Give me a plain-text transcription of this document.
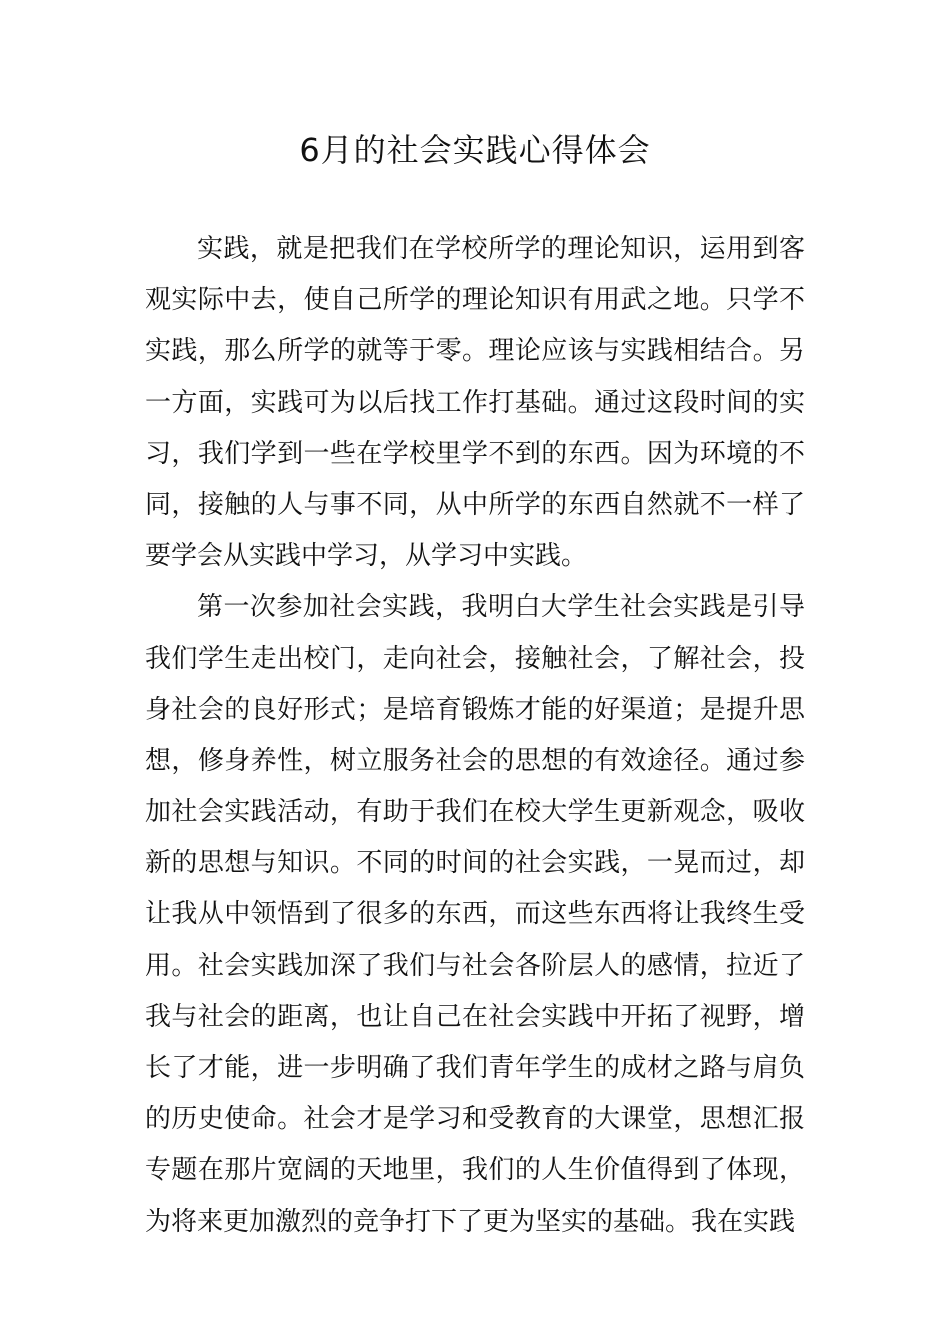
6月的社会实践心得体会
实践，就是把我们在学校所学的理论知识，运用到客
观实际中去，使自己所学的理论知识有用武之地。只学不
实践，那么所学的就等于零。理论应该与实践相结合。另
一方面，实践可为以后找工作打基础。通过这段时间的实
习，我们学到一些在学校里学不到的东西。因为环境的不
同，接触的人与事不同，从中所学的东西自然就不一样了
要学会从实践中学习，从学习中实践。
第一次参加社会实践，我明白大学生社会实践是引导
我们学生走出校门，走向社会，接触社会，了解社会，投
身社会的良好形式；是培育锻炼才能的好渠道；是提升思
想，修身养性，树立服务社会的思想的有效途径。通过参
加社会实践活动，有助于我们在校大学生更新观念，吸收
新的思想与知识。不同的时间的社会实践，一晃而过，却
让我从中领悟到了很多的东西，而这些东西将让我终生受
用。社会实践加深了我们与社会各阶层人的感情，拉近了
我与社会的距离，也让自己在社会实践中开拓了视野，增
长了才能，进一步明确了我们青年学生的成材之路与肩负
的历史使命。社会才是学习和受教育的大课堂，思想汇报
专题在那片宽阔的天地里，我们的人生价值得到了体现，
为将来更加激烈的竞争打下了更为坚实的基础。我在实践
